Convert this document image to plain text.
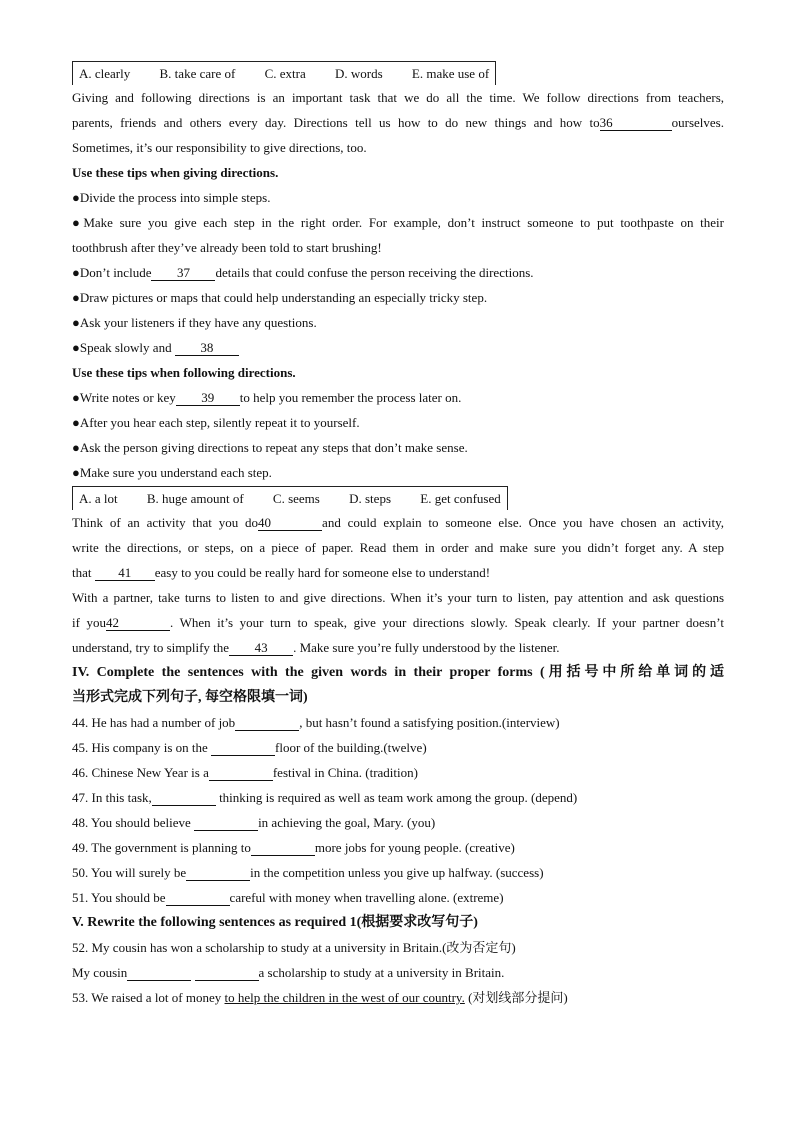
A. clearly B. take care of C. extra D. words E. make use of
Giving and following directions is an important task that we do all the time. We follow directions from teachers,
parents, friends and others every day. Directions tell us how to do new things and how to36	ourselves.
Sometimes, it’s our responsibility to give directions, too.
Use these tips when giving directions.
●Divide the process into simple steps.
●Make sure you give each step in the right order. For example, don’t instruct someone to put toothpaste on their
toothbrush after they’ve already been told to start brushing!
●Don’t include 37 details that could confuse the person receiving the directions.
●Draw pictures or maps that could help understanding an especially tricky step.
●Ask your listeners if they have any questions.
●Speak slowly and 38
Use these tips when following directions.
●Write notes or key 39 to help you remember the process later on.
●After you hear each step, silently repeat it to yourself.
●Ask the person giving directions to repeat any steps that don’t make sense.
●Make sure you understand each step.
A. a lot B. huge amount of C. seems D. steps E. get confused
Think of an activity that you do40	and could explain to someone else. Once you have chosen an activity,
write the directions, or steps, on a piece of paper. Read them in order and make sure you didn’t forget any. A step
that 41 easy to you could be really hard for someone else to understand!
With a partner, take turns to listen to and give directions. When it’s your turn to listen, pay attention and ask questions
if you42	. When it’s your turn to speak, give your directions slowly. Speak clearly. If your partner doesn’t
understand, try to simplify the 43 . Make sure you’re fully understood by the listener.
IV. Complete the sentences with the given words in their proper forms (用括号中所给单词的适
当形式完成下列句子, 每空格限填一词)
44. He has had a number of job	, but hasn’t found a satisfying position.(interview)
45. His company is on the	floor of the building.(twelve)
46. Chinese New Year is a	festival in China. (tradition)
47. In this task,	thinking is required as well as team work among the group. (depend)
48. You should believe	in achieving the goal, Mary. (you)
49. The government is planning to	more jobs for young people. (creative)
50. You will surely be	in the competition unless you give up halfway. (success)
51. You should be	careful with money when travelling alone. (extreme)
V. Rewrite the following sentences as required 1(根据要求改写句子)
52. My cousin has won a scholarship to study at a university in Britain.(改为否定句)
My cousin	a scholarship to study at a university in Britain.
53. We raised a lot of money to help the children in the west of our country. (对划线部分提问)
